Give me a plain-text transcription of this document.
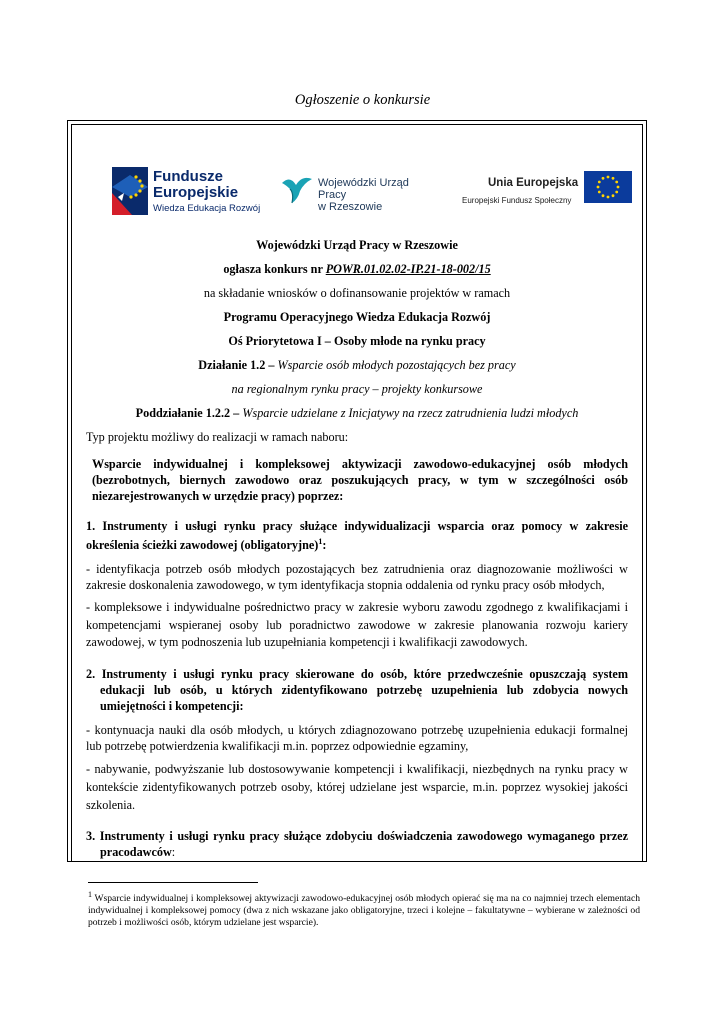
Ogłoszenie o konkursie
Fundusze
Europejskie
Wiedza Edukacja Rozwój
Wojewódzki Urząd Pracy
w Rzeszowie
Unia Europejska
Europejski Fundusz Społeczny

Wojewódzki Urząd Pracy w Rzeszowie

ogłasza konkurs nr POWR.01.02.02-IP.21-18-002/15

na składanie wniosków o dofinansowanie projektów w ramach

Programu Operacyjnego Wiedza Edukacja Rozwój

Oś Priorytetowa I – Osoby młode na rynku pracy

Działanie 1.2 – Wsparcie osób młodych pozostających bez pracy

na regionalnym rynku pracy – projekty konkursowe

Poddziałanie 1.2.2 – Wsparcie udzielane z Inicjatywy na rzecz zatrudnienia ludzi młodych

Typ projektu możliwy do realizacji w ramach naboru:

Wsparcie indywidualnej i kompleksowej aktywizacji zawodowo-edukacyjnej osób młodych (bezrobotnych, biernych zawodowo oraz poszukujących pracy, w tym w szczególności osób niezarejestrowanych w urzędzie pracy) poprzez:

1. Instrumenty i usługi rynku pracy służące indywidualizacji wsparcia oraz pomocy w zakresie określenia ścieżki zawodowej (obligatoryjne)$^1$:

- identyfikacja potrzeb osób młodych pozostających bez zatrudnienia oraz diagnozowanie możliwości w zakresie doskonalenia zawodowego, w tym identyfikacja stopnia oddalenia od rynku pracy osób młodych,

- kompleksowe i indywidualne pośrednictwo pracy w zakresie wyboru zawodu zgodnego z kwalifikacjami i kompetencjami wspieranej osoby lub poradnictwo zawodowe w zakresie planowania rozwoju kariery zawodowej, w tym podnoszenia lub uzupełniania kompetencji i kwalifikacji zawodowych.

2. Instrumenty i usługi rynku pracy skierowane do osób, które przedwcześnie opuszczają system edukacji lub osób, u których zidentyfikowano potrzebę uzupełnienia lub zdobycia nowych umiejętności i kompetencji:

- kontynuacja nauki dla osób młodych, u których zdiagnozowano potrzebę uzupełnienia edukacji formalnej lub potrzebę potwierdzenia kwalifikacji m.in. poprzez odpowiednie egzaminy,

- nabywanie, podwyższanie lub dostosowywanie kompetencji i kwalifikacji, niezbędnych na rynku pracy w kontekście zidentyfikowanych potrzeb osoby, której udzielane jest wsparcie, m.in. poprzez wysokiej jakości szkolenia.

3. Instrumenty i usługi rynku pracy służące zdobyciu doświadczenia zawodowego wymaganego przez pracodawców:

$^1$ Wsparcie indywidualnej i kompleksowej aktywizacji zawodowo-edukacyjnej osób młodych opierać się ma na co najmniej trzech elementach indywidualnej i kompleksowej pomocy (dwa z nich wskazane jako obligatoryjne, trzeci i kolejne – fakultatywne – wybierane w zależności od potrzeb i możliwości osób, którym udzielane jest wsparcie).
